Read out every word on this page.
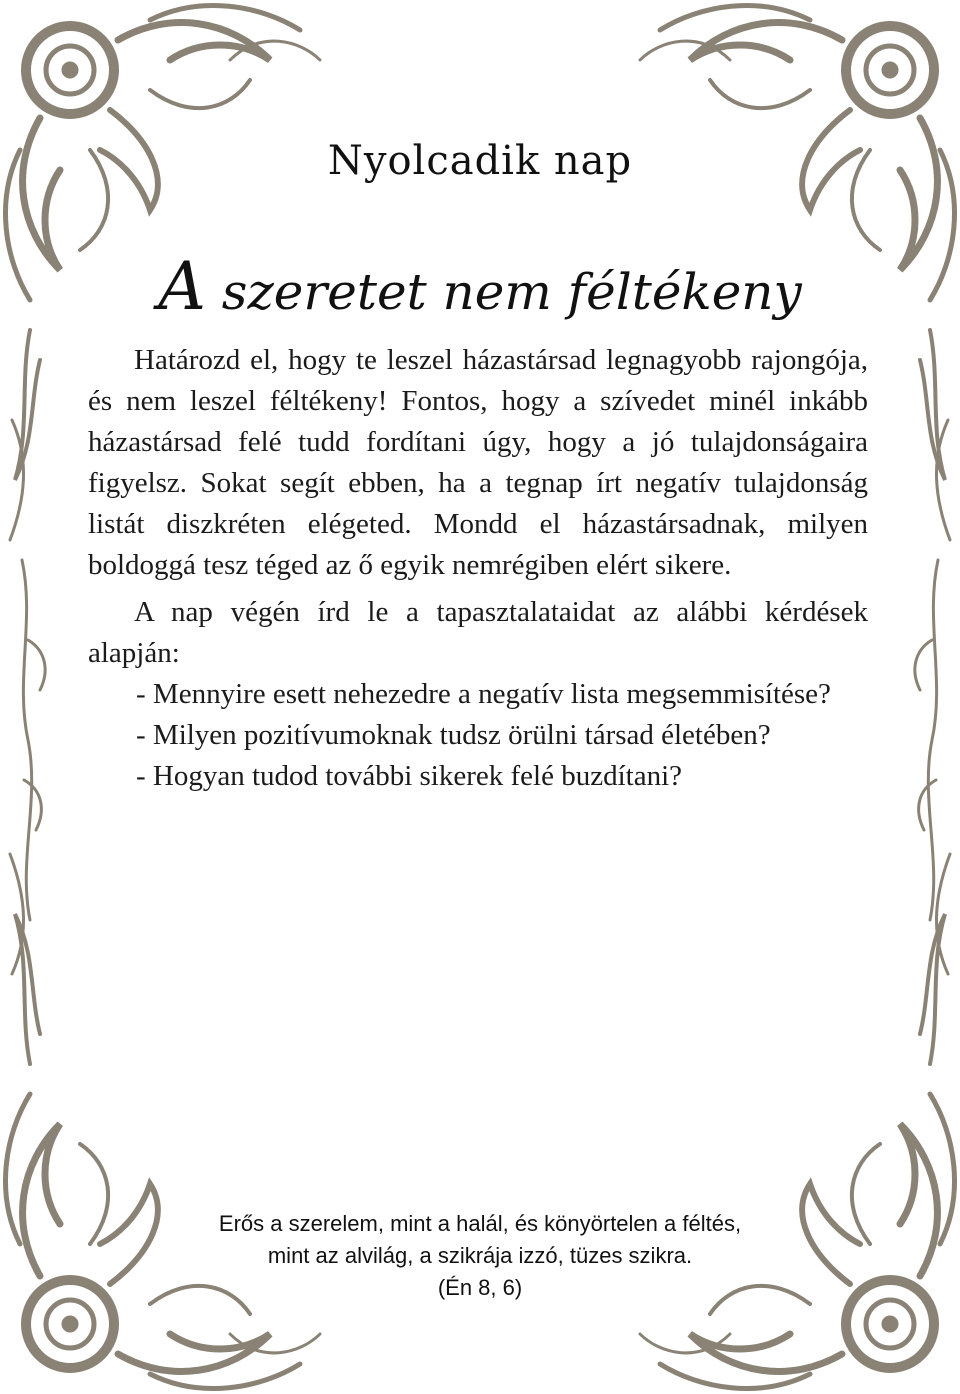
Nyolcadik nap
A szeretet nem féltékeny

Határozd el, hogy te leszel házastársad legnagyobb rajongója, és nem leszel féltékeny! Fontos, hogy a szívedet minél inkább házastársad felé tudd fordítani úgy, hogy a jó tulajdonságaira figyelsz. Sokat segít ebben, ha a tegnap írt negatív tulajdonság listát diszkréten elégeted. Mondd el házastársadnak, milyen boldoggá tesz téged az ő egyik nemrégiben elért sikere.

A nap végén írd le a tapasztalataidat az alábbi kérdések alapján:

- Mennyire esett nehezedre a negatív lista megsemmisítése?
- Milyen pozitívumoknak tudsz örülni társad életében?
- Hogyan tudod további sikerek felé buzdítani?
Erős a szerelem, mint a halál, és könyörtelen a féltés,
mint az alvilág, a szikrája izzó, tüzes szikra.
(Én 8, 6)
